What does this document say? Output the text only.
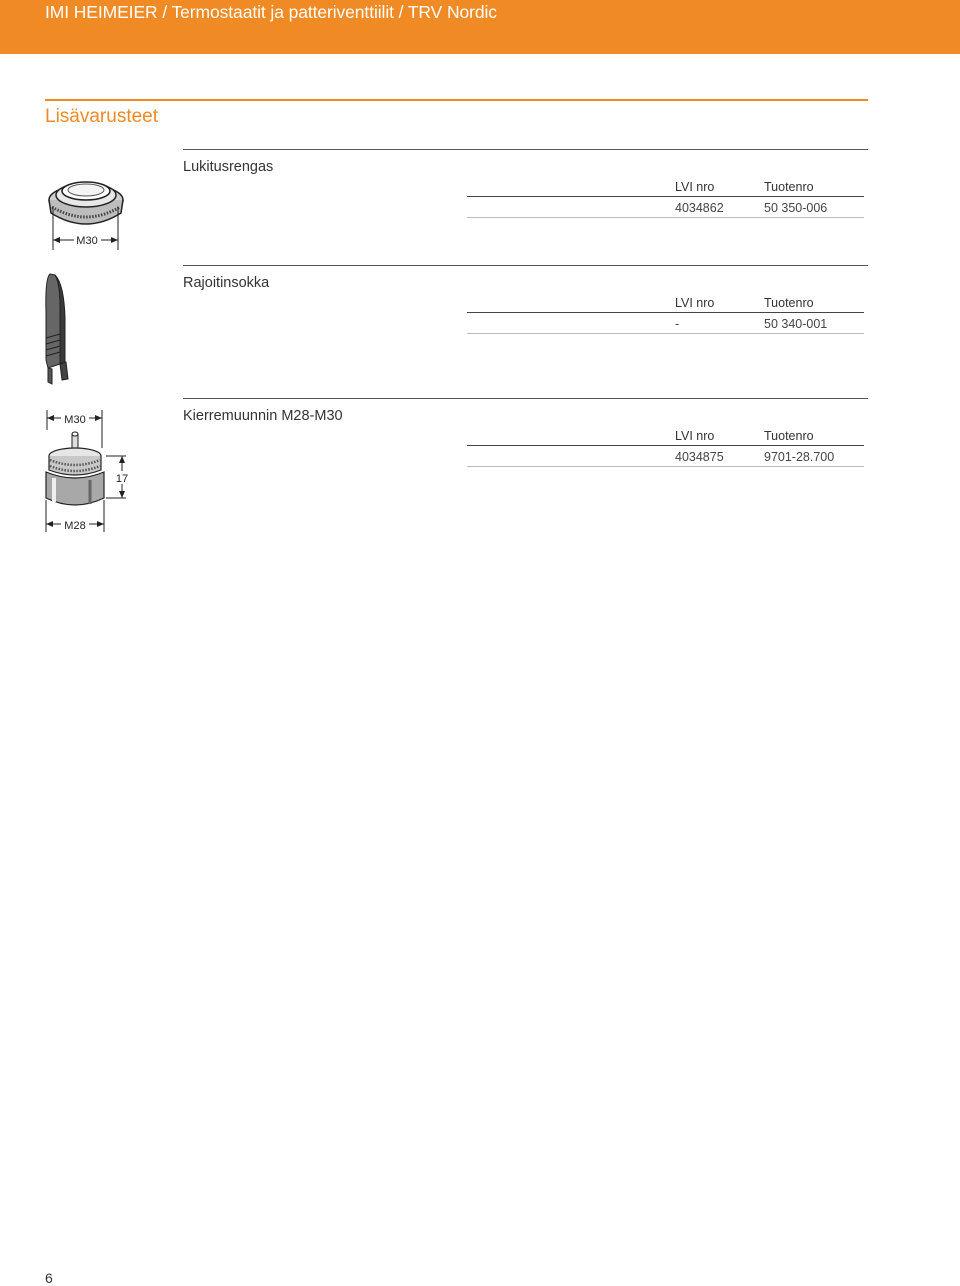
IMI HEIMEIER / Termostaatit ja patteriventtiilit / TRV Nordic
Lisävarusteet
Lukitusrengas
LVI nro	Tuotenro
4034862	50 350-006
M30
Rajoitinsokka
LVI nro	Tuotenro
-	50 340-001
Kierremuunnin M28-M30
LVI nro	Tuotenro
4034875	9701-28.700
M30
17
M28
6
